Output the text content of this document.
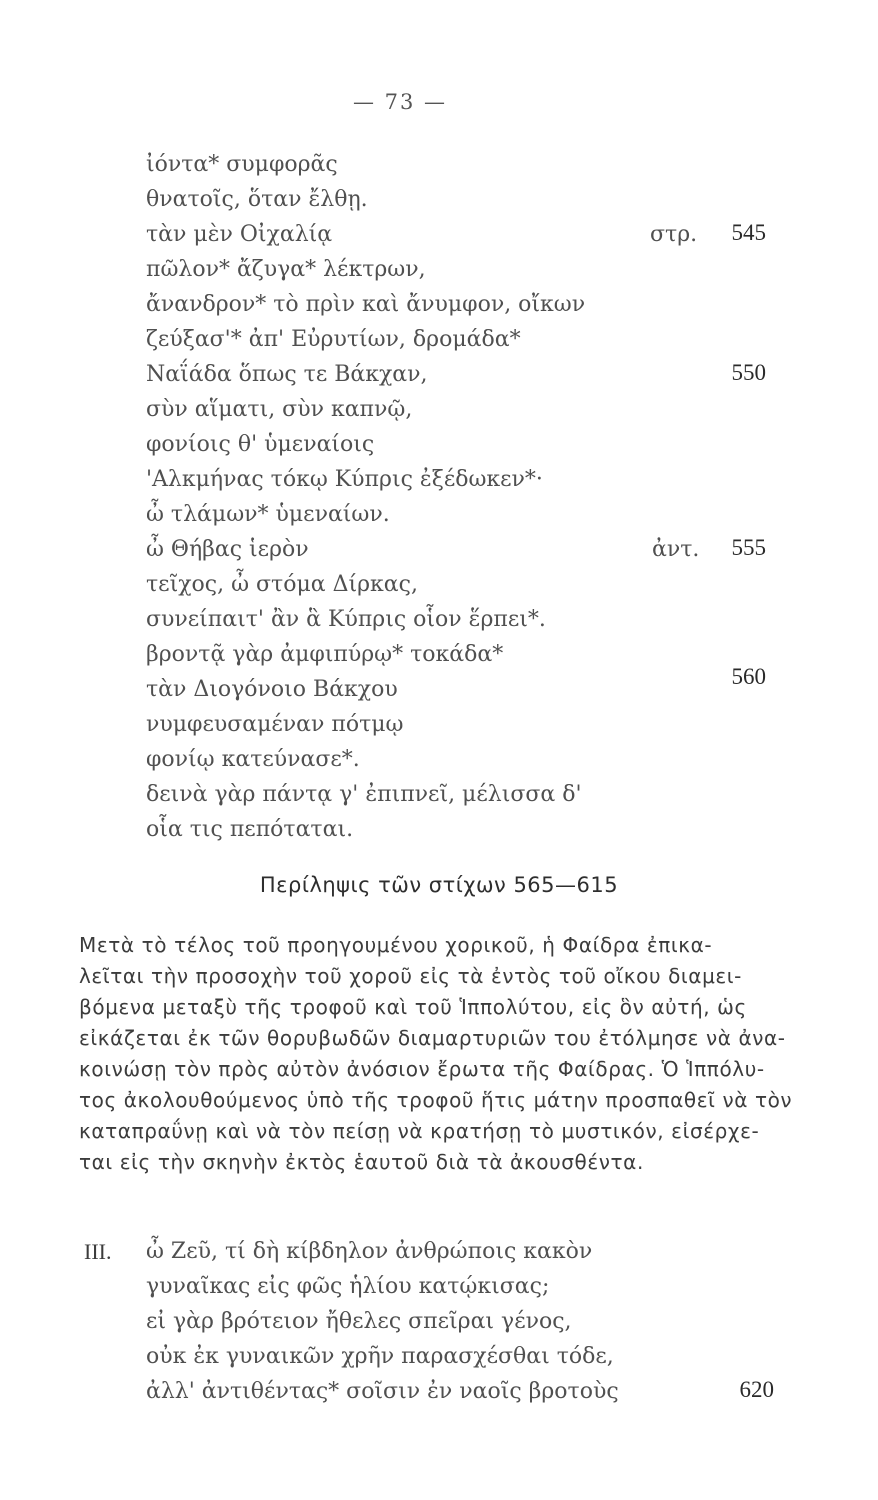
— 73 —
ἰόντα* συμφορᾶς
θνατοῖς, ὅταν ἔλθῃ.
τὰν μὲν Οἰχαλίᾳ
πῶλον* ἄζυγα* λέκτρων,
ἄνανδρον* τὸ πρὶν καὶ ἄνυμφον, οἴκων
ζεύξασ'* ἀπ' Εὐρυτίων, δρομάδα*
Ναΐάδα ὅπως τε Βάκχαν,
σὺν αἵματι, σὺν καπνῷ,
φονίοις θ' ὑμεναίοις
'Αλκμήνας τόκῳ Κύπρις ἐξέδωκεν*·
ὦ τλάμων* ὑμεναίων.
ὦ Θήβας ἱερὸν
τεῖχος, ὦ στόμα Δίρκας,
συνείπαιτ' ἂν ἃ Κύπρις οἷον ἕρπει*.
βροντᾷ γὰρ ἀμφιπύρῳ* τοκάδα*
τὰν Διογόνοιο Βάκχου
νυμφευσαμέναν πότμῳ
φονίῳ κατεύνασε*.
δεινὰ γὰρ πάντᾳ γ' ἐπιπνεῖ, μέλισσα δ'
οἷα τις πεπόταται.
στρ.
ἀντ.
545
550
555
560
Περίληψις τῶν στίχων 565—615
Μετὰ τὸ τέλος τοῦ προηγουμένου χορικοῦ, ἡ Φαίδρα ἐπικα-
λεῖται τὴν προσοχὴν τοῦ χοροῦ εἰς τὰ ἐντὸς τοῦ οἴκου διαμει-
βόμενα μεταξὺ τῆς τροφοῦ καὶ τοῦ Ἱππολύτου, εἰς ὃν αὐτή, ὡς
εἰκάζεται ἐκ τῶν θορυβωδῶν διαμαρτυριῶν του ἐτόλμησε νὰ ἀνα-
κοινώσῃ τὸν πρὸς αὐτὸν ἀνόσιον ἔρωτα τῆς Φαίδρας. Ὁ Ἱππόλυ-
τος ἀκολουθούμενος ὑπὸ τῆς τροφοῦ ἥτις μάτην προσπαθεῖ νὰ τὸν
καταπραΰνῃ καὶ νὰ τὸν πείσῃ νὰ κρατήσῃ τὸ μυστικόν, εἰσέρχε-
ται εἰς τὴν σκηνὴν ἐκτὸς ἑαυτοῦ διὰ τὰ ἀκουσθέντα.
III. ὦ Ζεῦ, τί δὴ κίβδηλον ἀνθρώποις κακὸν
γυναῖκας εἰς φῶς ἡλίου κατῴκισας;
εἰ γὰρ βρότειον ἤθελες σπεῖραι γένος,
οὐκ ἐκ γυναικῶν χρῆν παρασχέσθαι τόδε,
ἀλλ' ἀντιθέντας* σοῖσιν ἐν ναοῖς βροτοὺς	620
